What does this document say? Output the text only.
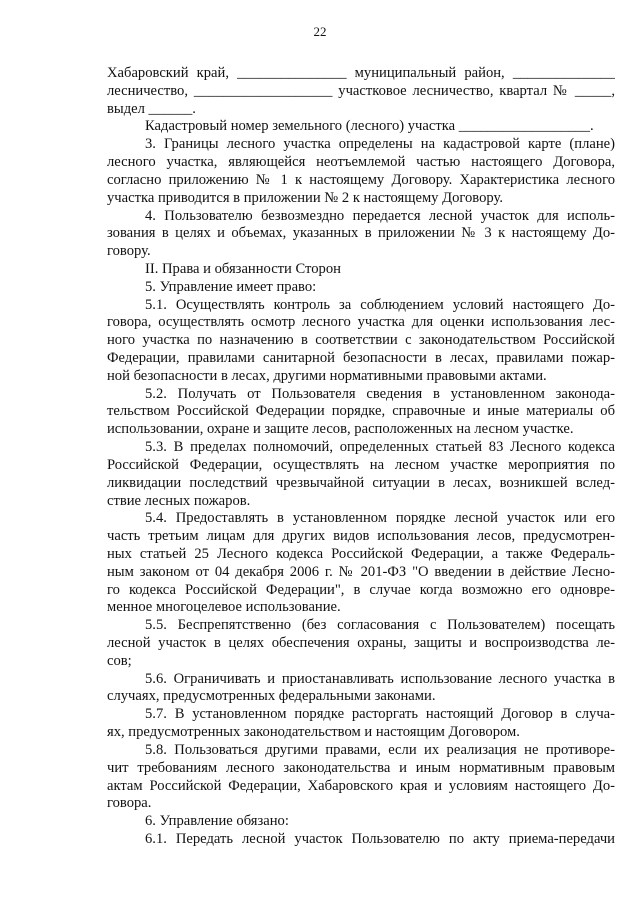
22
Хабаровский край, _______________ муниципальный район, ______________
лесничество, ___________________ участковое лесничество, квартал № _____,
выдел ______.
Кадастровый номер земельного (лесного) участка __________________.
3. Границы лесного участка определены на кадастровой карте (плане)
лесного участка, являющейся неотъемлемой частью настоящего Договора,
согласно приложению № 1 к настоящему Договору. Характеристика лесного
участка приводится в приложении № 2 к настоящему Договору.
4. Пользователю безвозмездно передается лесной участок для исполь-
зования в целях и объемах, указанных в приложении № 3 к настоящему До-
говору.
II. Права и обязанности Сторон
5. Управление имеет право:
5.1. Осуществлять контроль за соблюдением условий настоящего До-
говора, осуществлять осмотр лесного участка для оценки использования лес-
ного участка по назначению в соответствии с законодательством Российской
Федерации, правилами санитарной безопасности в лесах, правилами пожар-
ной безопасности в лесах, другими нормативными правовыми актами.
5.2. Получать от Пользователя сведения в установленном законода-
тельством Российской Федерации порядке, справочные и иные материалы об
использовании, охране и защите лесов, расположенных на лесном участке.
5.3. В пределах полномочий, определенных статьей 83 Лесного кодекса
Российской Федерации, осуществлять на лесном участке мероприятия по
ликвидации последствий чрезвычайной ситуации в лесах, возникшей вслед-
ствие лесных пожаров.
5.4. Предоставлять в установленном порядке лесной участок или его
часть третьим лицам для других видов использования лесов, предусмотрен-
ных статьей 25 Лесного кодекса Российской Федерации, а также Федераль-
ным законом от 04 декабря 2006 г. № 201-ФЗ "О введении в действие Лесно-
го кодекса Российской Федерации", в случае когда возможно его одновре-
менное многоцелевое использование.
5.5. Беспрепятственно (без согласования с Пользователем) посещать
лесной участок в целях обеспечения охраны, защиты и воспроизводства ле-
сов;
5.6. Ограничивать и приостанавливать использование лесного участка в
случаях, предусмотренных федеральными законами.
5.7. В установленном порядке расторгать настоящий Договор в случа-
ях, предусмотренных законодательством и настоящим Договором.
5.8. Пользоваться другими правами, если их реализация не противоре-
чит требованиям лесного законодательства и иным нормативным правовым
актам Российской Федерации, Хабаровского края и условиям настоящего До-
говора.
6. Управление обязано:
6.1. Передать лесной участок Пользователю по акту приема-передачи
